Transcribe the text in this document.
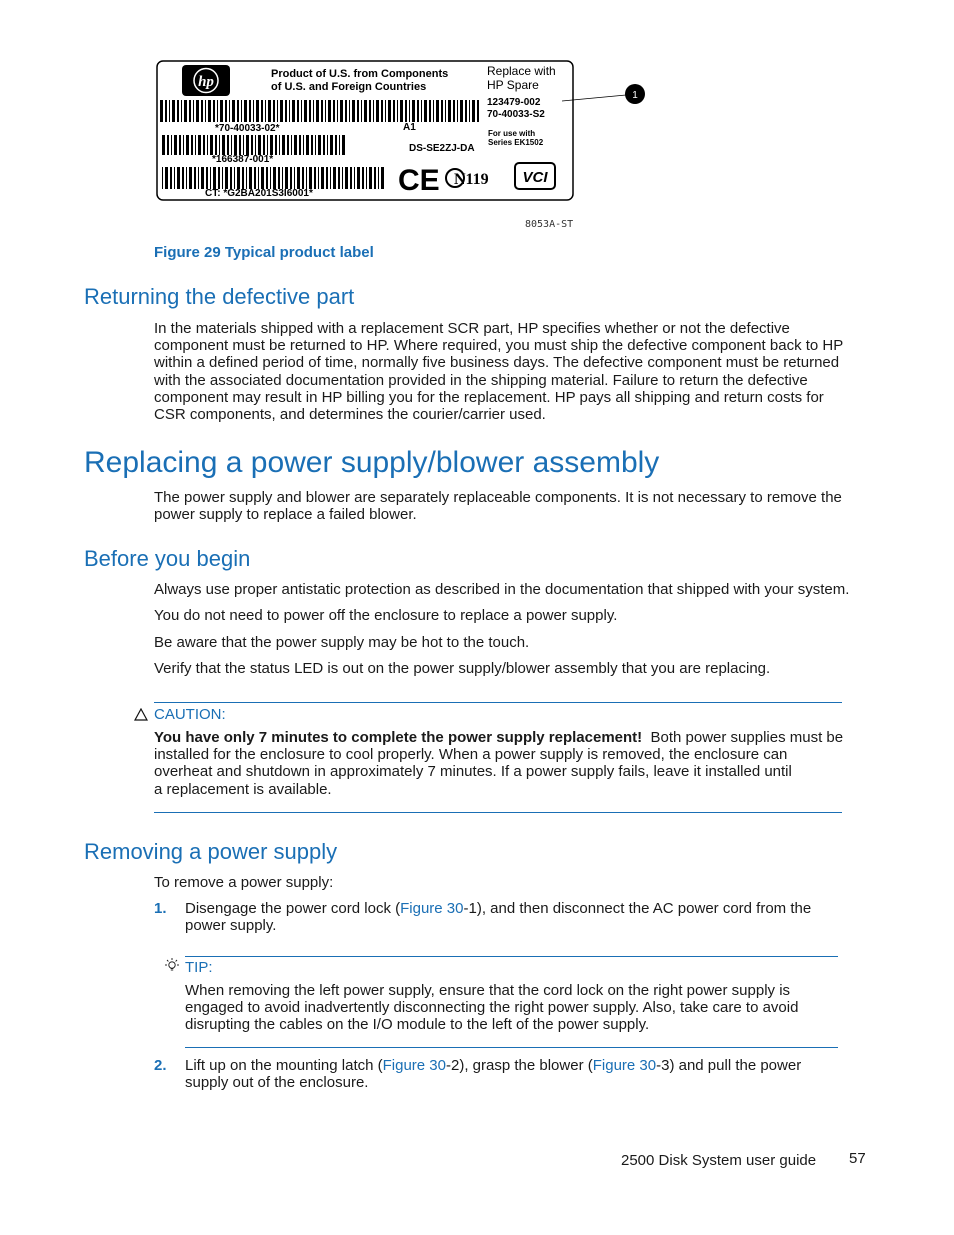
hp	Product of U.S. from Components
of U.S. and Foreign Countries
Replace with
HP Spare
123479-002
70-40033-S2
*70-40033-02*	A1
For use with
Series EK1502
*166387-001*
DS-SE2ZJ-DA
CT: *G2BA201S3I6001*	CE N119 VCI
1
8053A-ST
Figure 29 Typical product label
Returning the defective part
In the materials shipped with a replacement SCR part, HP specifies whether or not the defective
component must be returned to HP. Where required, you must ship the defective component back to HP
within a defined period of time, normally five business days. The defective component must be returned
with the associated documentation provided in the shipping material. Failure to return the defective
component may result in HP billing you for the replacement. HP pays all shipping and return costs for
CSR components, and determines the courier/carrier used.
Replacing a power supply/blower assembly
The power supply and blower are separately replaceable components. It is not necessary to remove the
power supply to replace a failed blower.
Before you begin
Always use proper antistatic protection as described in the documentation that shipped with your system.
You do not need to power off the enclosure to replace a power supply.
Be aware that the power supply may be hot to the touch.
Verify that the status LED is out on the power supply/blower assembly that you are replacing.
CAUTION:
You have only 7 minutes to complete the power supply replacement!  Both power supplies must be
installed for the enclosure to cool properly. When a power supply is removed, the enclosure can
overheat and shutdown in approximately 7 minutes. If a power supply fails, leave it installed until
a replacement is available.
Removing a power supply
To remove a power supply:
1. Disengage the power cord lock (Figure 30-1), and then disconnect the AC power cord from the
power supply.
TIP:
When removing the left power supply, ensure that the cord lock on the right power supply is
engaged to avoid inadvertently disconnecting the right power supply. Also, take care to avoid
disrupting the cables on the I/O module to the left of the power supply.
2. Lift up on the mounting latch (Figure 30-2), grasp the blower (Figure 30-3) and pull the power
supply out of the enclosure.
2500 Disk System user guide 57
